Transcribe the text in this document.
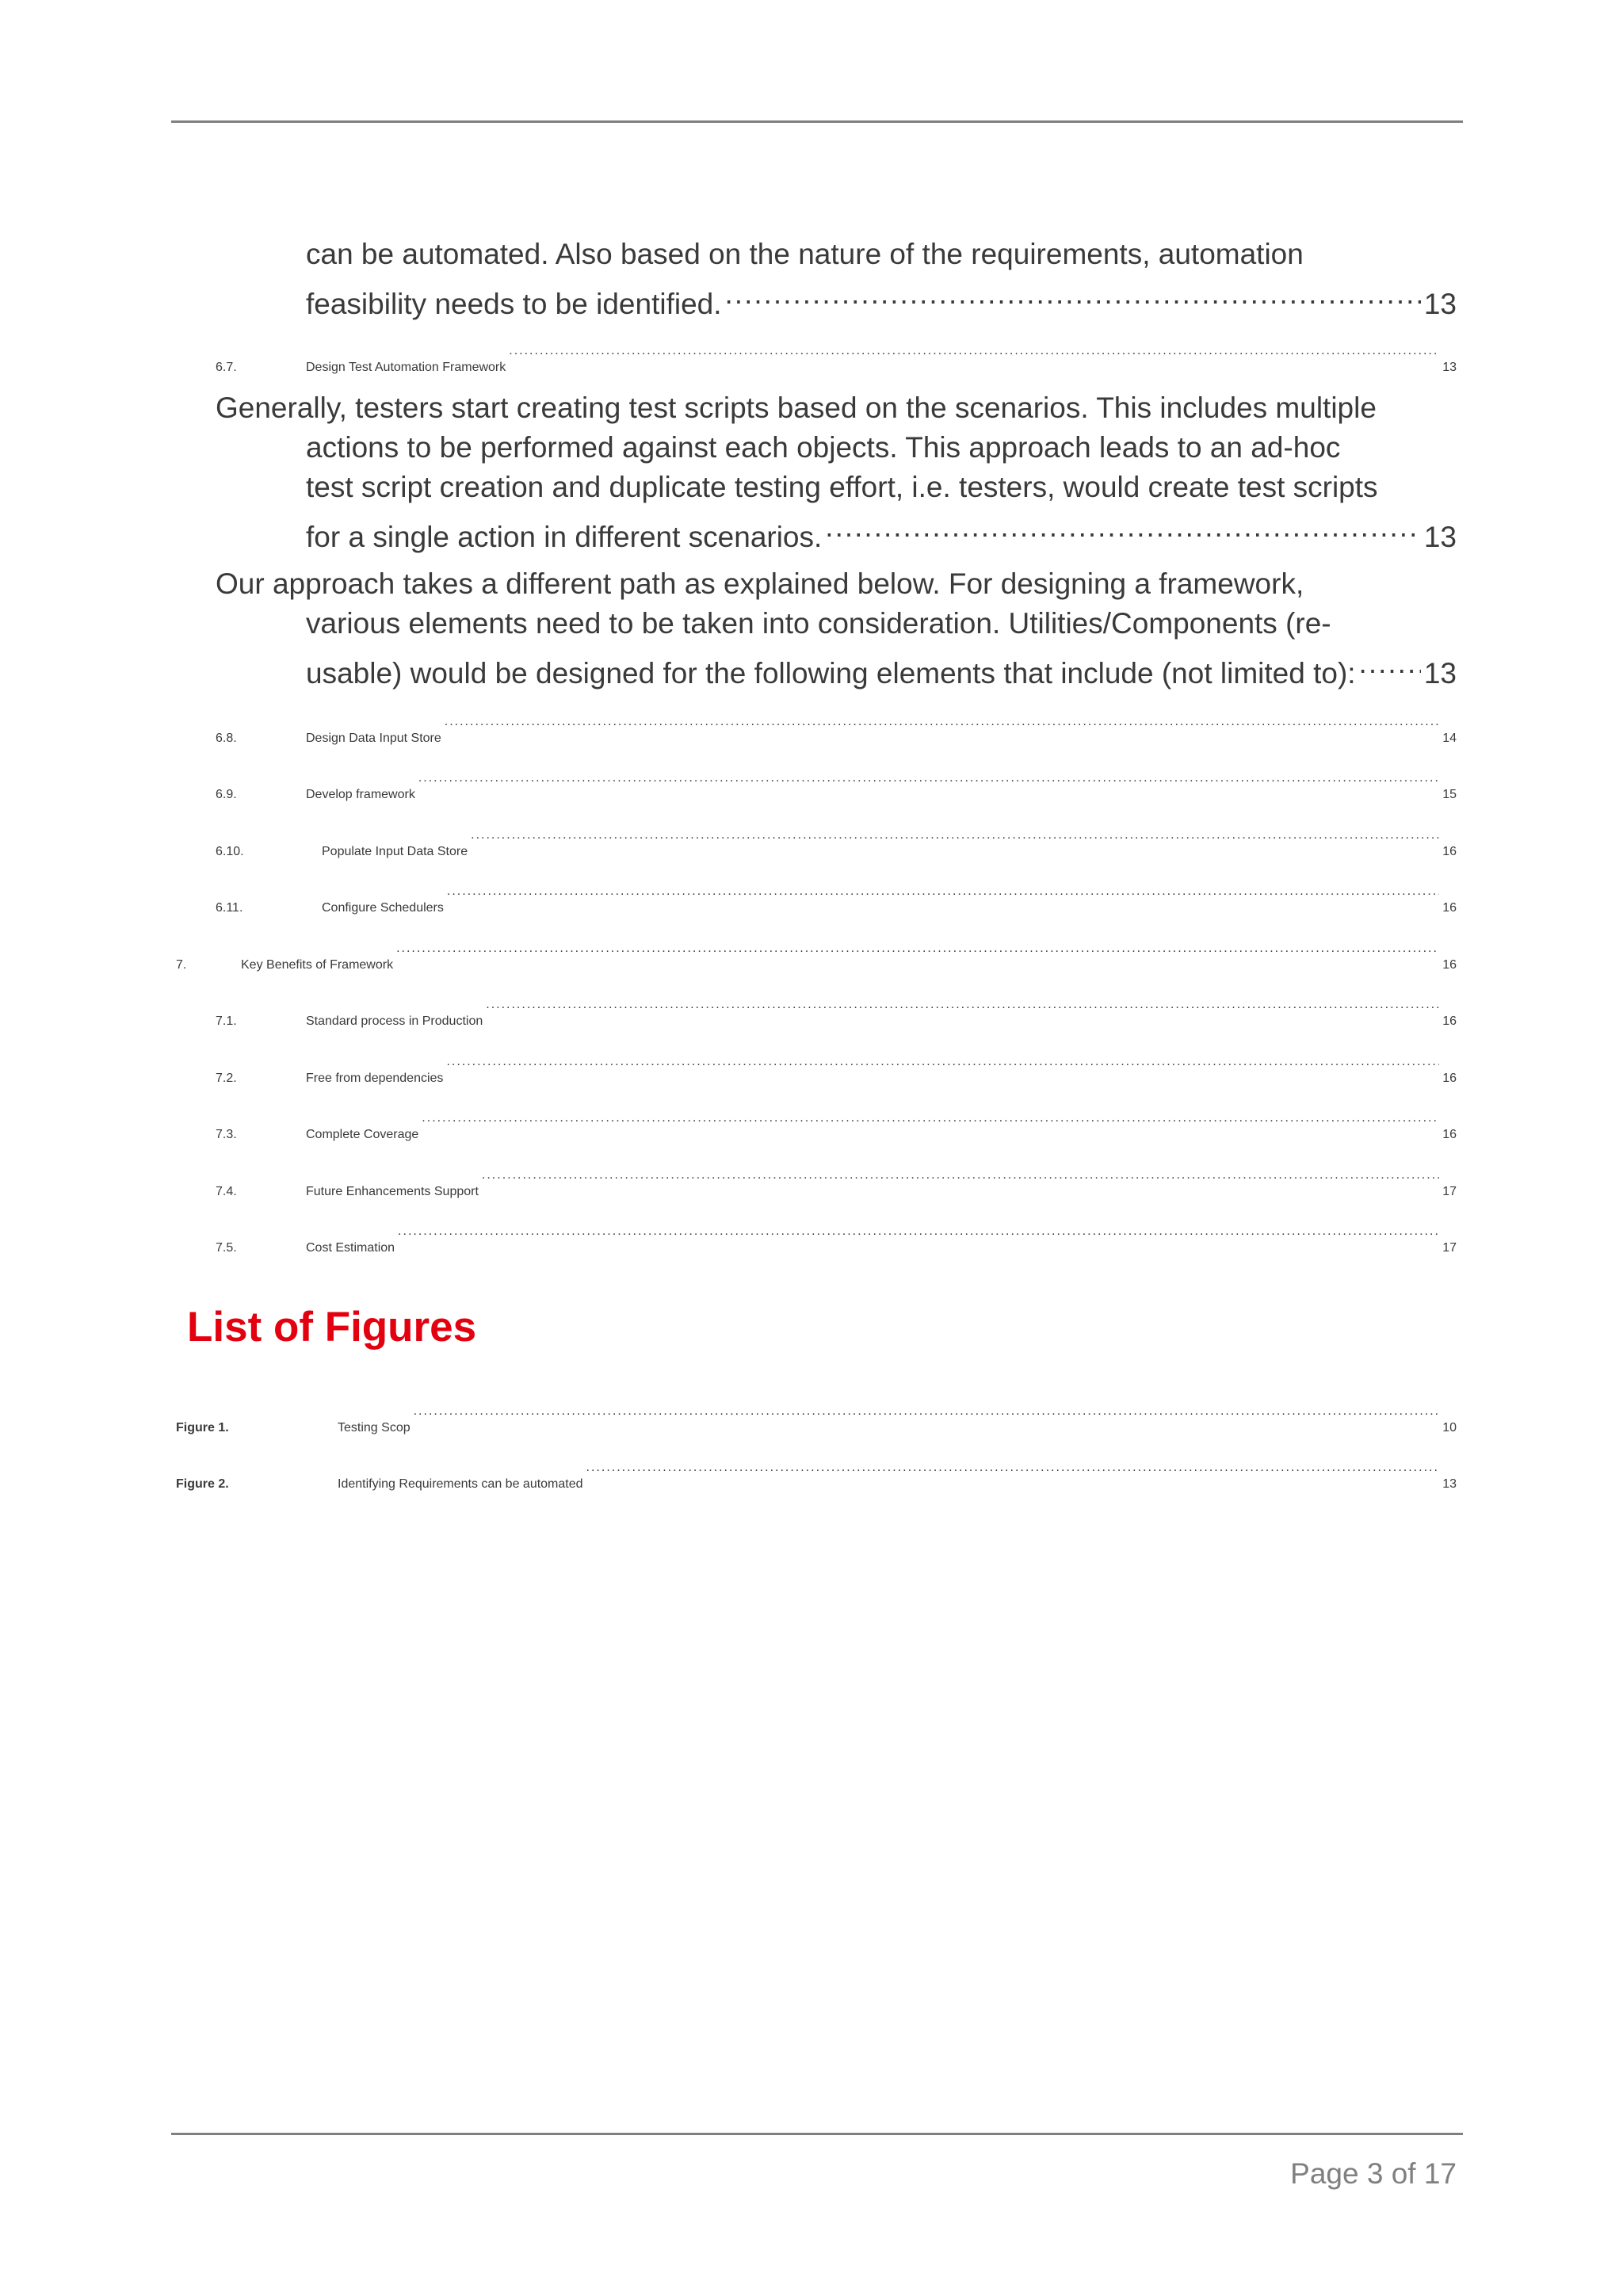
can be automated. Also based on the nature of the requirements, automation
feasibility needs to be identified. .....	13
6.7.	Design Test Automation Framework .....	13
Generally, testers start creating test scripts based on the scenarios. This includes multiple
actions to be performed against each objects. This approach leads to an ad-hoc
test script creation and duplicate testing effort, i.e. testers, would create test scripts
for a single action in different scenarios. .....	13
Our approach takes a different path as explained below. For designing a framework,
various elements need to be taken into consideration. Utilities/Components (re-
usable) would be designed for the following elements that include (not limited to): ..... 13
6.8.	Design Data Input Store .....	14
6.9.	Develop framework .....	15
6.10.	Populate Input Data Store .....	16
6.11.	Configure Schedulers .....	16
7.	Key Benefits of Framework .....	16
7.1.	Standard process in Production .....	16
7.2.	Free from dependencies .....	16
7.3.	Complete Coverage .....	16
7.4.	Future Enhancements Support .....	17
7.5.	Cost Estimation .....	17
List of Figures
Figure 1.	Testing Scop .....	10
Figure 2.	Identifying Requirements can be automated .....	13
Page 3 of 17
